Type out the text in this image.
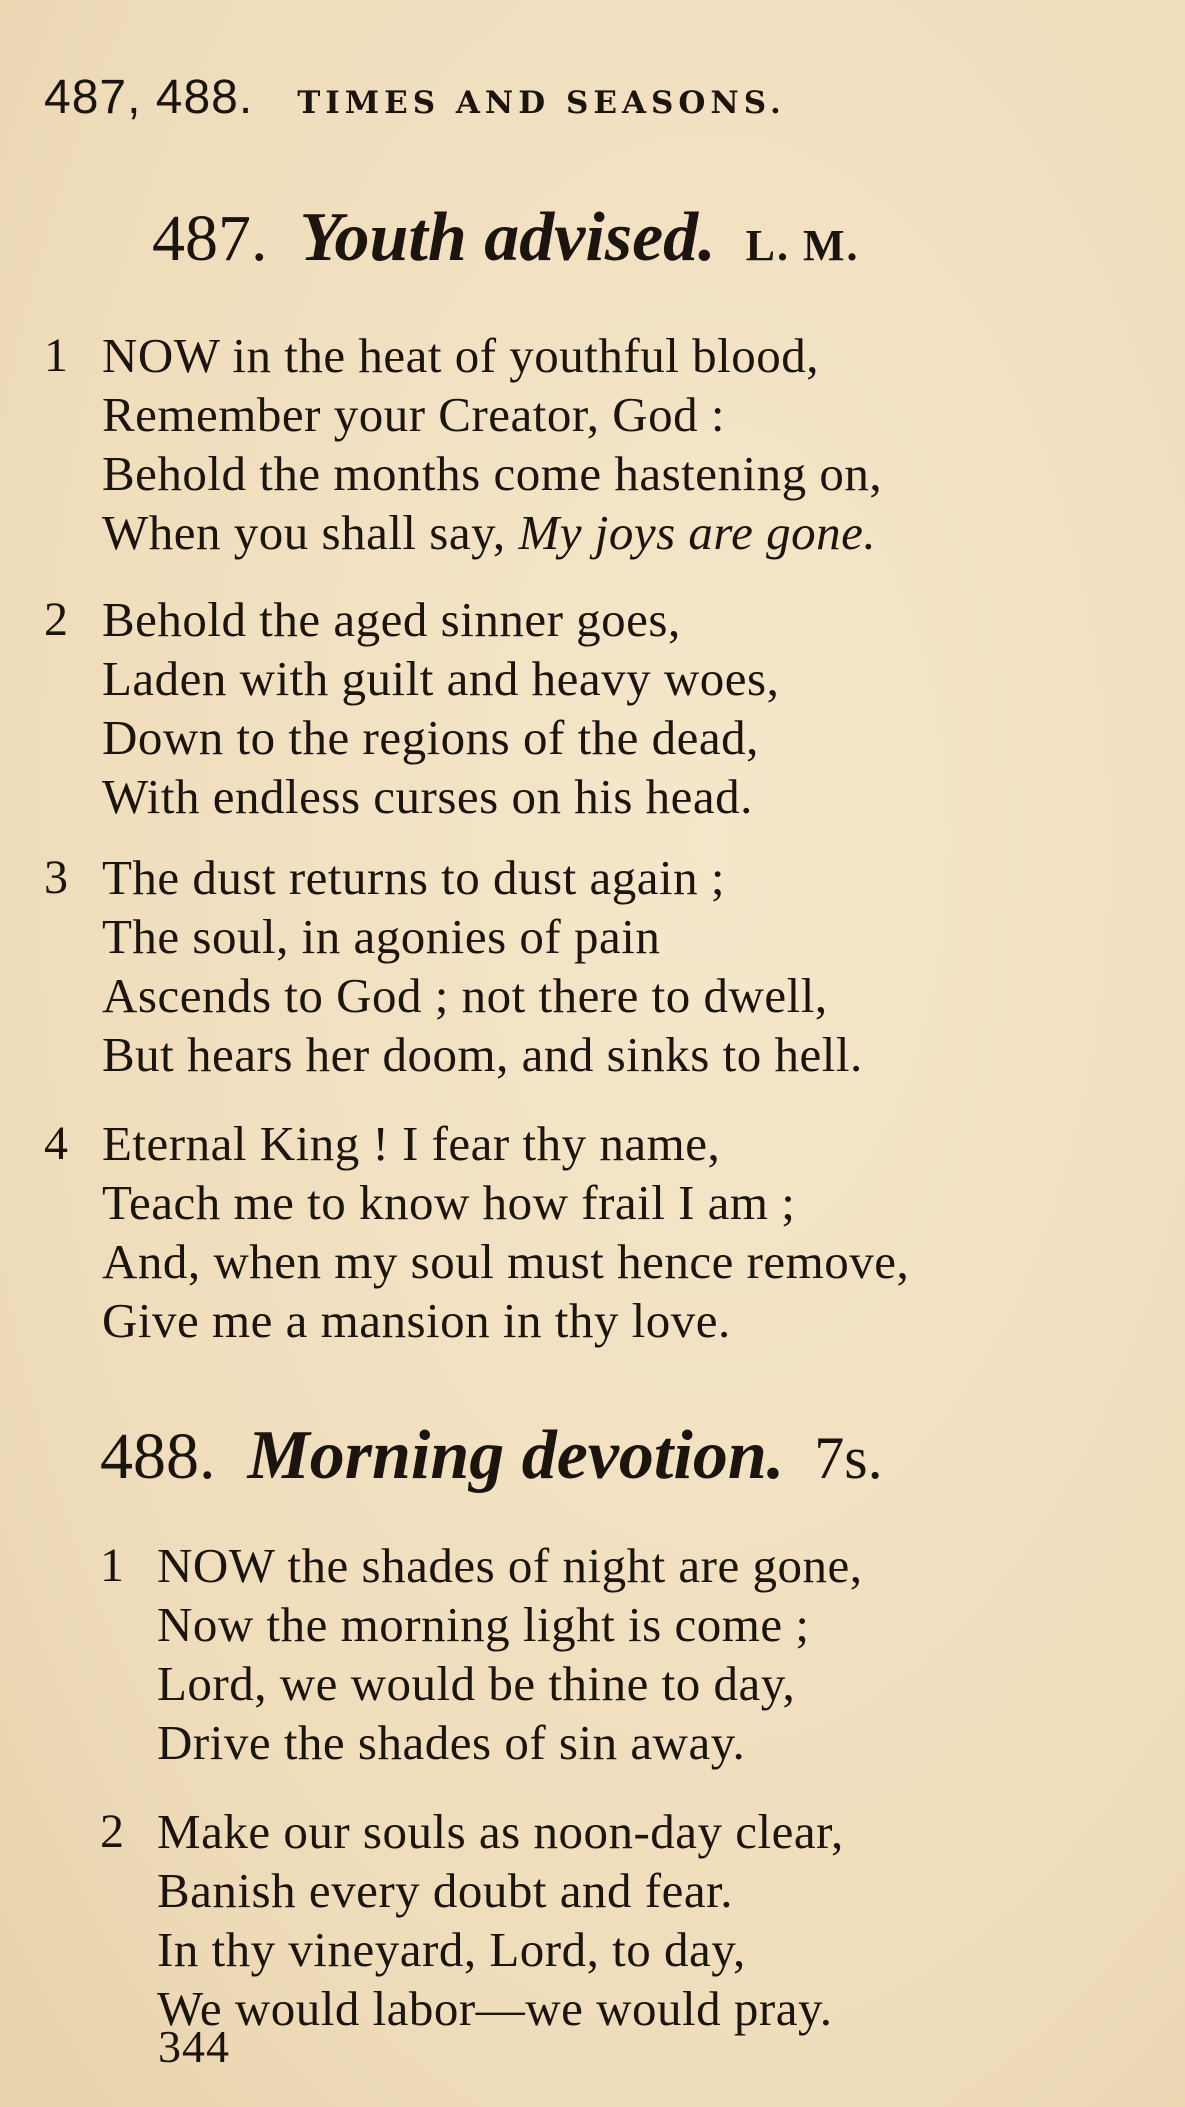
487, 488. TIMES AND SEASONS.
487. Youth advised. L. M.
1 NOW in the heat of youthful blood,
Remember your Creator, God :
Behold the months come hastening on,
When you shall say, My joys are gone.
2 Behold the aged sinner goes,
Laden with guilt and heavy woes,
Down to the regions of the dead,
With endless curses on his head.
3 The dust returns to dust again ;
The soul, in agonies of pain
Ascends to God ; not there to dwell,
But hears her doom, and sinks to hell.
4 Eternal King ! I fear thy name,
Teach me to know how frail I am ;
And, when my soul must hence remove,
Give me a mansion in thy love.
488. Morning devotion. 7s.
1 NOW the shades of night are gone,
Now the morning light is come ;
Lord, we would be thine to day,
Drive the shades of sin away.
2 Make our souls as noon-day clear,
Banish every doubt and fear.
In thy vineyard, Lord, to day,
We would labor—we would pray.
344
